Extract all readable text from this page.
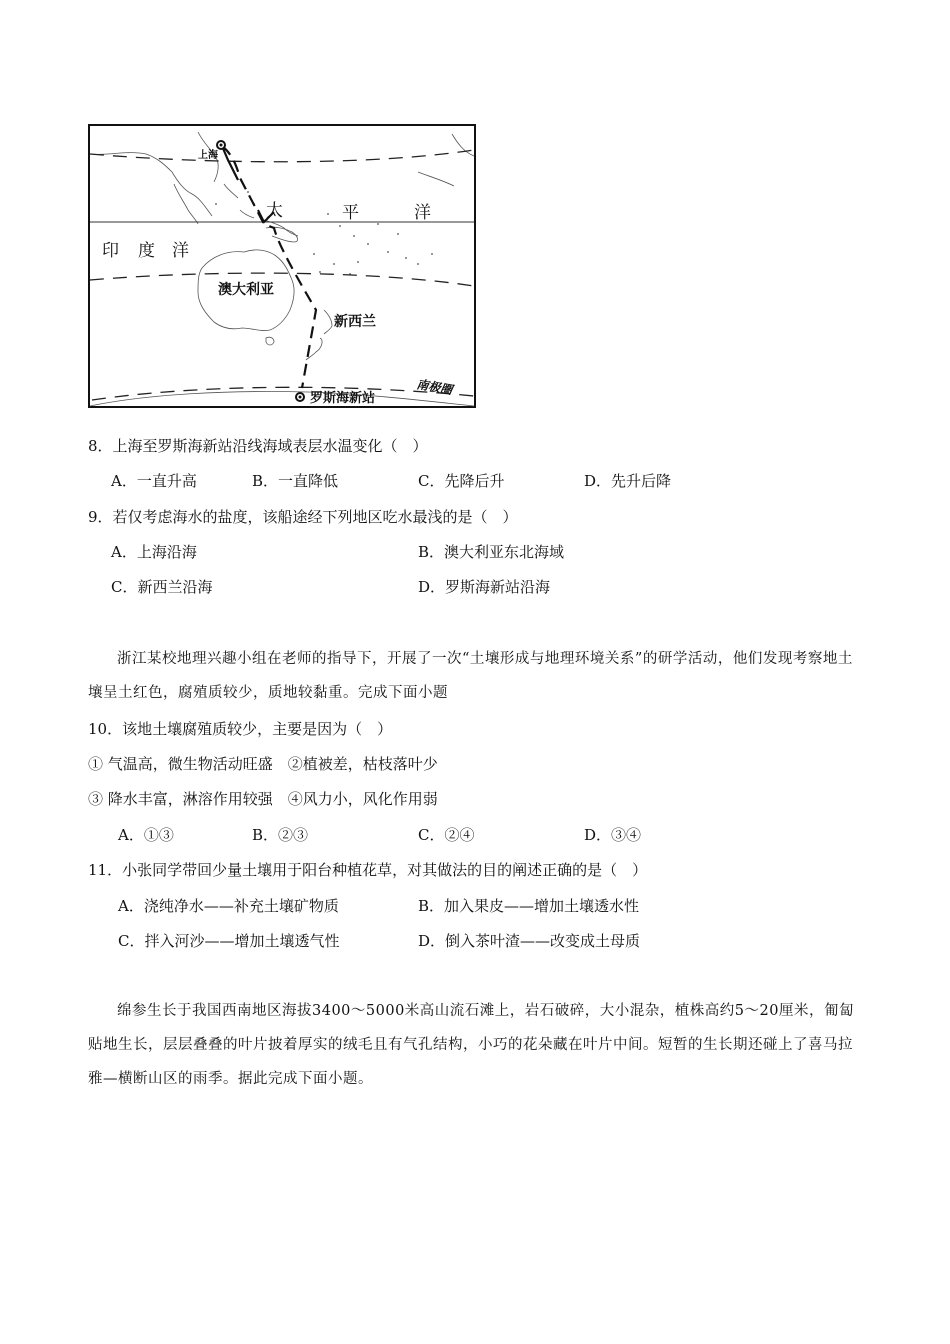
上海
太	平	洋
印 度 洋
澳大利亚
新西兰
罗斯海新站
南极圈
8．上海至罗斯海新站沿线海域表层水温变化（　）
A．一直升高	B．一直降低	C．先降后升	D．先升后降
9．若仅考虑海水的盐度，该船途经下列地区吃水最浅的是（　）
A．上海沿海	B．澳大利亚东北海域
C．新西兰沿海	D．罗斯海新站沿海
浙江某校地理兴趣小组在老师的指导下，开展了一次“土壤形成与地理环境关系”的研学活动，他们发现考察地土壤呈土红色，腐殖质较少，质地较黏重。完成下面小题
10．该地土壤腐殖质较少，主要是因为（　）
① 气温高，微生物活动旺盛　②植被差，枯枝落叶少
③ 降水丰富，淋溶作用较强　④风力小，风化作用弱
A．①③	B．②③	C．②④	D．③④
11．小张同学带回少量土壤用于阳台种植花草，对其做法的目的阐述正确的是（　）
A．浇纯净水——补充土壤矿物质	B．加入果皮——增加土壤透水性
C．拌入河沙——增加土壤透气性	D．倒入茶叶渣——改变成土母质
绵参生长于我国西南地区海拔3400～5000米高山流石滩上，岩石破碎，大小混杂，植株高约5～20厘米，匍匐贴地生长，层层叠叠的叶片披着厚实的绒毛且有气孔结构，小巧的花朵藏在叶片中间。短暂的生长期还碰上了喜马拉雅—横断山区的雨季。据此完成下面小题。
